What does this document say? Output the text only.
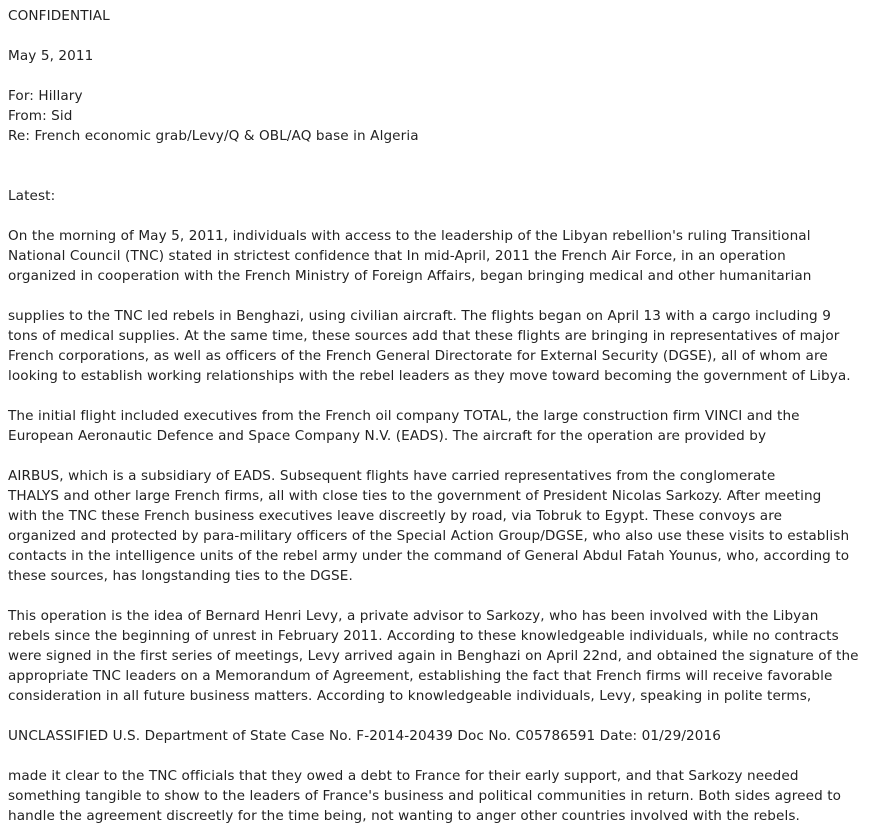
CONFIDENTIAL
May 5, 2011
For: Hillary
From: Sid
Re: French economic grab/Levy/Q & OBL/AQ base in Algeria
Latest:
On the morning of May 5, 2011, individuals with access to the leadership of the Libyan rebellion's ruling Transitional
National Council (TNC) stated in strictest confidence that In mid-April, 2011 the French Air Force, in an operation
organized in cooperation with the French Ministry of Foreign Affairs, began bringing medical and other humanitarian
supplies to the TNC led rebels in Benghazi, using civilian aircraft. The flights began on April 13 with a cargo including 9
tons of medical supplies. At the same time, these sources add that these flights are bringing in representatives of major
French corporations, as well as officers of the French General Directorate for External Security (DGSE), all of whom are
looking to establish working relationships with the rebel leaders as they move toward becoming the government of Libya.
The initial flight included executives from the French oil company TOTAL, the large construction firm VINCI and the
European Aeronautic Defence and Space Company N.V. (EADS). The aircraft for the operation are provided by
AIRBUS, which is a subsidiary of EADS. Subsequent flights have carried representatives from the conglomerate
THALYS and other large French firms, all with close ties to the government of President Nicolas Sarkozy. After meeting
with the TNC these French business executives leave discreetly by road, via Tobruk to Egypt. These convoys are
organized and protected by para-military officers of the Special Action Group/DGSE, who also use these visits to establish
contacts in the intelligence units of the rebel army under the command of General Abdul Fatah Younus, who, according to
these sources, has longstanding ties to the DGSE.
This operation is the idea of Bernard Henri Levy, a private advisor to Sarkozy, who has been involved with the Libyan
rebels since the beginning of unrest in February 2011. According to these knowledgeable individuals, while no contracts
were signed in the first series of meetings, Levy arrived again in Benghazi on April 22nd, and obtained the signature of the
appropriate TNC leaders on a Memorandum of Agreement, establishing the fact that French firms will receive favorable
consideration in all future business matters. According to knowledgeable individuals, Levy, speaking in polite terms,
UNCLASSIFIED U.S. Department of State Case No. F-2014-20439 Doc No. C05786591 Date: 01/29/2016
made it clear to the TNC officials that they owed a debt to France for their early support, and that Sarkozy needed
something tangible to show to the leaders of France's business and political communities in return. Both sides agreed to
handle the agreement discreetly for the time being, not wanting to anger other countries involved with the rebels.
